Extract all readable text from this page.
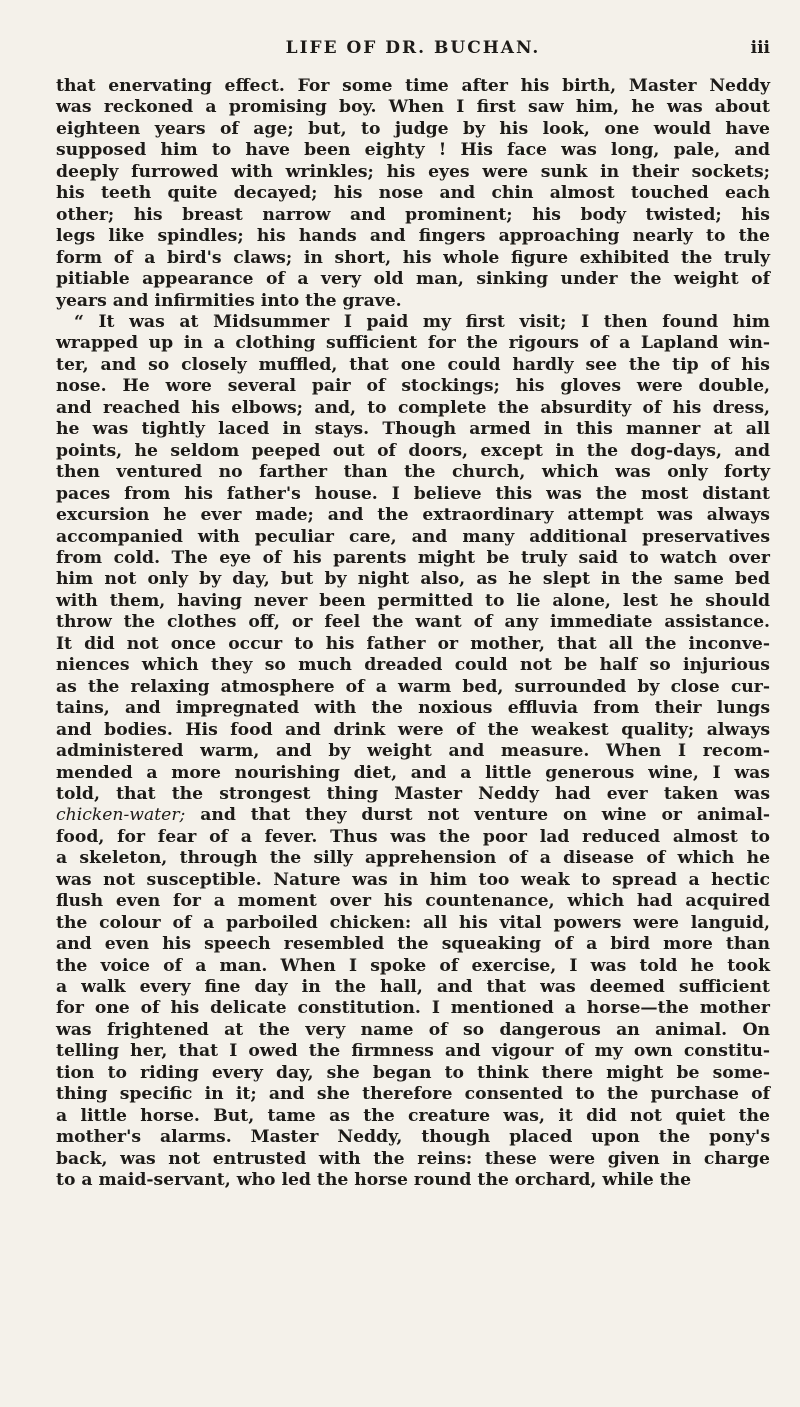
LIFE OF DR. BUCHAN.	iii
that enervating effect. For some time after his birth, Master Neddy
was reckoned a promising boy. When I first saw him, he was about
eighteen years of age; but, to judge by his look, one would have
supposed him to have been eighty ! His face was long, pale, and
deeply furrowed with wrinkles; his eyes were sunk in their sockets;
his teeth quite decayed; his nose and chin almost touched each
other; his breast narrow and prominent; his body twisted; his
legs like spindles; his hands and fingers approaching nearly to the
form of a bird's claws; in short, his whole figure exhibited the truly
pitiable appearance of a very old man, sinking under the weight of
years and infirmities into the grave.
“ It was at Midsummer I paid my first visit; I then found him
wrapped up in a clothing sufficient for the rigours of a Lapland win-
ter, and so closely muffled, that one could hardly see the tip of his
nose. He wore several pair of stockings; his gloves were double,
and reached his elbows; and, to complete the absurdity of his dress,
he was tightly laced in stays. Though armed in this manner at all
points, he seldom peeped out of doors, except in the dog-days, and
then ventured no farther than the church, which was only forty
paces from his father's house. I believe this was the most distant
excursion he ever made; and the extraordinary attempt was always
accompanied with peculiar care, and many additional preservatives
from cold. The eye of his parents might be truly said to watch over
him not only by day, but by night also, as he slept in the same bed
with them, having never been permitted to lie alone, lest he should
throw the clothes off, or feel the want of any immediate assistance.
It did not once occur to his father or mother, that all the inconve-
niences which they so much dreaded could not be half so injurious
as the relaxing atmosphere of a warm bed, surrounded by close cur-
tains, and impregnated with the noxious effluvia from their lungs
and bodies. His food and drink were of the weakest quality; always
administered warm, and by weight and measure. When I recom-
mended a more nourishing diet, and a little generous wine, I was
told, that the strongest thing Master Neddy had ever taken was
chicken-water; and that they durst not venture on wine or animal-
food, for fear of a fever. Thus was the poor lad reduced almost to
a skeleton, through the silly apprehension of a disease of which he
was not susceptible. Nature was in him too weak to spread a hectic
flush even for a moment over his countenance, which had acquired
the colour of a parboiled chicken: all his vital powers were languid,
and even his speech resembled the squeaking of a bird more than
the voice of a man. When I spoke of exercise, I was told he took
a walk every fine day in the hall, and that was deemed sufficient
for one of his delicate constitution. I mentioned a horse—the mother
was frightened at the very name of so dangerous an animal. On
telling her, that I owed the firmness and vigour of my own constitu-
tion to riding every day, she began to think there might be some-
thing specific in it; and she therefore consented to the purchase of
a little horse. But, tame as the creature was, it did not quiet the
mother's alarms. Master Neddy, though placed upon the pony's
back, was not entrusted with the reins: these were given in charge
to a maid-servant, who led the horse round the orchard, while the
